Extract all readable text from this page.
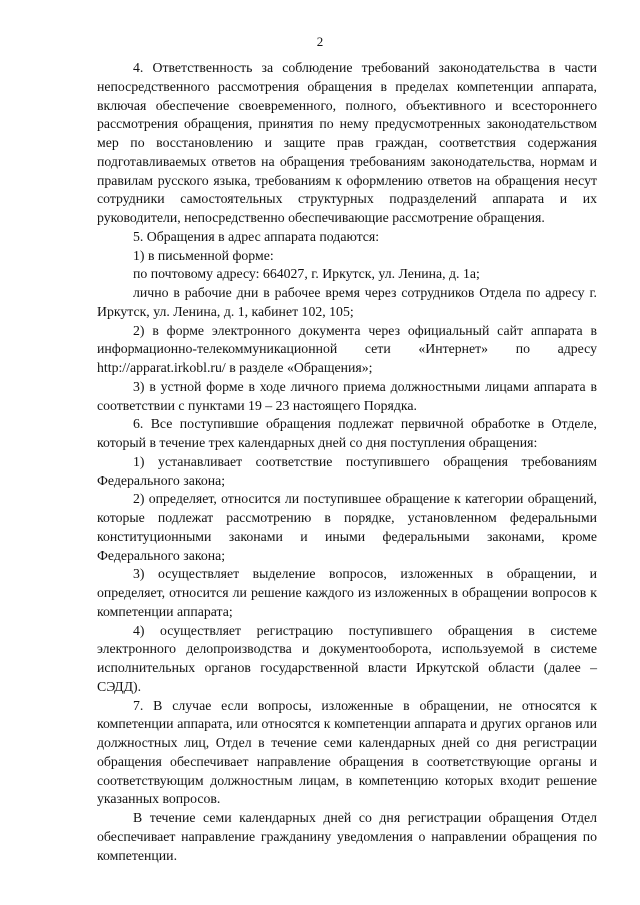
2

4. Ответственность за соблюдение требований законодательства в части непосредственного рассмотрения обращения в пределах компетенции аппарата, включая обеспечение своевременного, полного, объективного и всестороннего рассмотрения обращения, принятия по нему предусмотренных законодательством мер по восстановлению и защите прав граждан, соответствия содержания подготавливаемых ответов на обращения требованиям законодательства, нормам и правилам русского языка, требованиям к оформлению ответов на обращения несут сотрудники самостоятельных структурных подразделений аппарата и их руководители, непосредственно обеспечивающие рассмотрение обращения.

5. Обращения в адрес аппарата подаются:

1) в письменной форме:

по почтовому адресу: 664027, г. Иркутск, ул. Ленина, д. 1а;

лично в рабочие дни в рабочее время через сотрудников Отдела по адресу г. Иркутск, ул. Ленина, д. 1, кабинет 102, 105;

2) в форме электронного документа через официальный сайт аппарата в информационно-телекоммуникационной сети «Интернет» по адресу http://apparat.irkobl.ru/ в разделе «Обращения»;

3) в устной форме в ходе личного приема должностными лицами аппарата в соответствии с пунктами 19 – 23 настоящего Порядка.

6. Все поступившие обращения подлежат первичной обработке в Отделе, который в течение трех календарных дней со дня поступления обращения:

1) устанавливает соответствие поступившего обращения требованиям Федерального закона;

2) определяет, относится ли поступившее обращение к категории обращений, которые подлежат рассмотрению в порядке, установленном федеральными конституционными законами и иными федеральными законами, кроме Федерального закона;

3) осуществляет выделение вопросов, изложенных в обращении, и определяет, относится ли решение каждого из изложенных в обращении вопросов к компетенции аппарата;

4) осуществляет регистрацию поступившего обращения в системе электронного делопроизводства и документооборота, используемой в системе исполнительных органов государственной власти Иркутской области (далее – СЭДД).

7. В случае если вопросы, изложенные в обращении, не относятся к компетенции аппарата, или относятся к компетенции аппарата и других органов или должностных лиц, Отдел в течение семи календарных дней со дня регистрации обращения обеспечивает направление обращения в соответствующие органы и соответствующим должностным лицам, в компетенцию которых входит решение указанных вопросов.

В течение семи календарных дней со дня регистрации обращения Отдел обеспечивает направление гражданину уведомления о направлении обращения по компетенции.
